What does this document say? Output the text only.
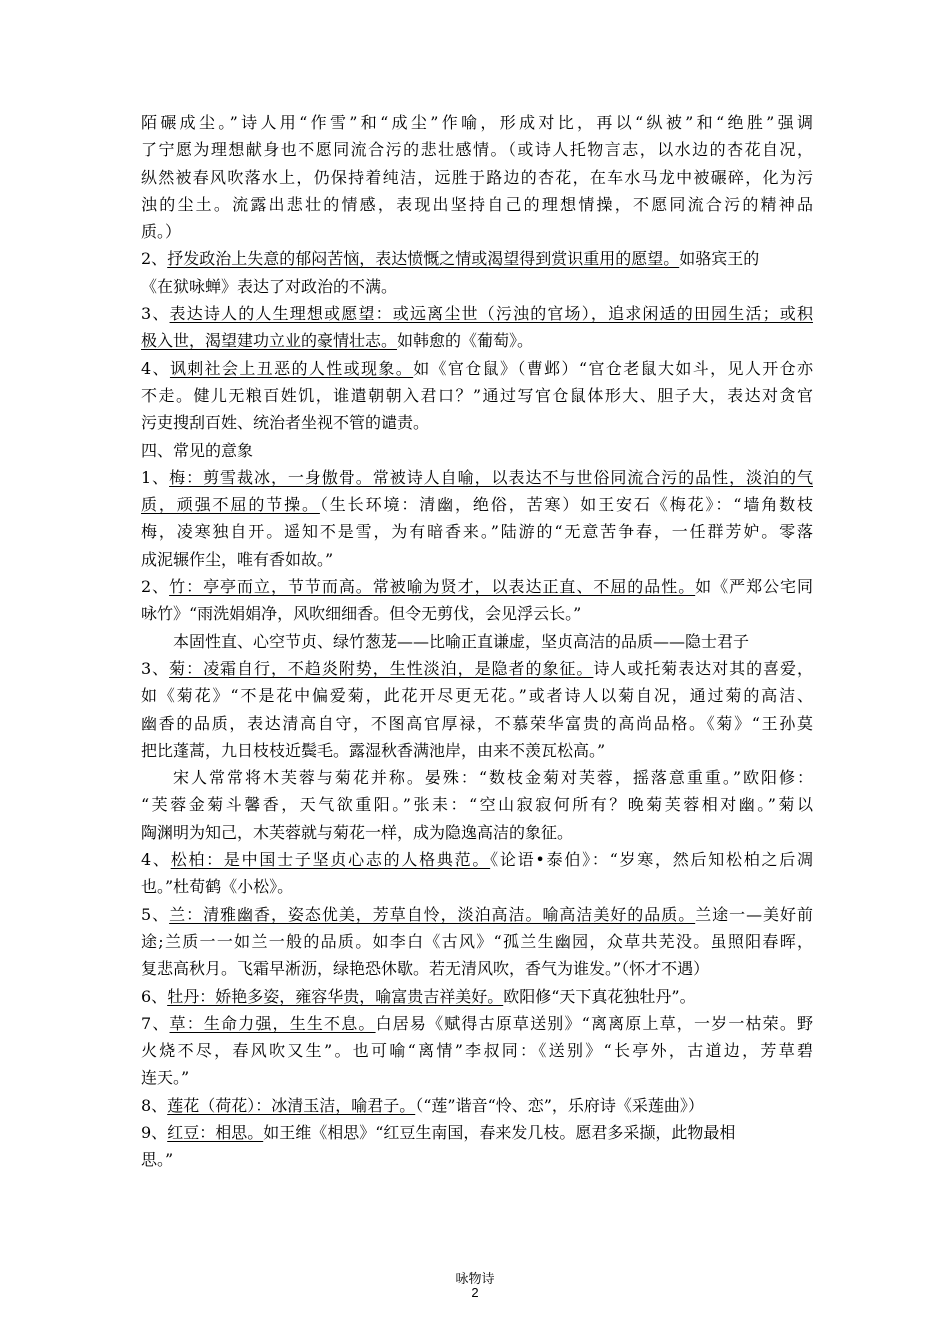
陌碾成尘。”诗人用“作雪”和“成尘”作喻，形成对比，再以“纵被”和“绝胜”强调
了宁愿为理想献身也不愿同流合污的悲壮感情。（或诗人托物言志，以水边的杏花自况，
纵然被春风吹落水上，仍保持着纯洁，远胜于路边的杏花，在车水马龙中被碾碎，化为污
浊的尘土。流露出悲壮的情感，表现出坚持自己的理想情操，不愿同流合污的精神品
质。）
2、抒发政治上失意的郁闷苦恼，表达愤慨之情或渴望得到赏识重用的愿望。如骆宾王的
《在狱咏蝉》表达了对政治的不满。
3、表达诗人的人生理想或愿望：或远离尘世（污浊的官场），追求闲适的田园生活；或积
极入世，渴望建功立业的豪情壮志。如韩愈的《葡萄》。
4、讽刺社会上丑恶的人性或现象。如《官仓鼠》（曹邺）“官仓老鼠大如斗，见人开仓亦
不走。健儿无粮百姓饥，谁遣朝朝入君口？”通过写官仓鼠体形大、胆子大，表达对贪官
污吏搜刮百姓、统治者坐视不管的谴责。
四、常见的意象
1、梅：剪雪裁冰，一身傲骨。常被诗人自喻，以表达不与世俗同流合污的品性，淡泊的气
质，顽强不屈的节操。（生长环境：清幽，绝俗，苦寒）如王安石《梅花》：“墙角数枝
梅，凌寒独自开。遥知不是雪，为有暗香来。”陆游的“无意苦争春，一任群芳妒。零落
成泥辗作尘，唯有香如故。”
2、竹：亭亭而立，节节而高。常被喻为贤才，以表达正直、不屈的品性。如《严郑公宅同
咏竹》“雨洗娟娟净，风吹细细香。但令无剪伐，会见浮云长。”
本固性直、心空节贞、绿竹葱茏——比喻正直谦虚，坚贞高洁的品质——隐士君子
3、菊：凌霜自行，不趋炎附势，生性淡泊，是隐者的象征。诗人或托菊表达对其的喜爱，
如《菊花》“不是花中偏爱菊，此花开尽更无花。”或者诗人以菊自况，通过菊的高洁、
幽香的品质，表达清高自守，不图高官厚禄，不慕荣华富贵的高尚品格。《菊》“王孙莫
把比蓬蒿，九日枝枝近鬓毛。露湿秋香满池岸，由来不羡瓦松高。”
宋人常常将木芙蓉与菊花并称。晏殊：“数枝金菊对芙蓉，摇落意重重。”欧阳修：
“芙蓉金菊斗馨香，天气欲重阳。”张耒：“空山寂寂何所有？晚菊芙蓉相对幽。”菊以
陶渊明为知己，木芙蓉就与菊花一样，成为隐逸高洁的象征。
4、松柏：是中国士子坚贞心志的人格典范。《论语•泰伯》：“岁寒，然后知松柏之后凋
也。”杜荀鹤《小松》。
5、兰：清雅幽香，姿态优美，芳草自怜，淡泊高洁。喻高洁美好的品质。兰途一—美好前
途;兰质一一如兰一般的品质。如李白《古风》“孤兰生幽园，众草共芜没。虽照阳春晖，
复悲高秋月。飞霜早淅沥，绿艳恐休歇。若无清风吹，香气为谁发。”（怀才不遇）
6、牡丹：娇艳多姿，雍容华贵，喻富贵吉祥美好。欧阳修“天下真花独牡丹”。
7、草：生命力强，生生不息。白居易《赋得古原草送别》“离离原上草，一岁一枯荣。野
火烧不尽，春风吹又生”。也可喻“离情”李叔同：《送别》“长亭外，古道边，芳草碧
连天。”
8、莲花（荷花）：冰清玉洁，喻君子。（“莲”谐音“怜、恋”，乐府诗《采莲曲》）
9、红豆：相思。如王维《相思》“红豆生南国，春来发几枝。愿君多采撷，此物最相
思。”
咏物诗
2
